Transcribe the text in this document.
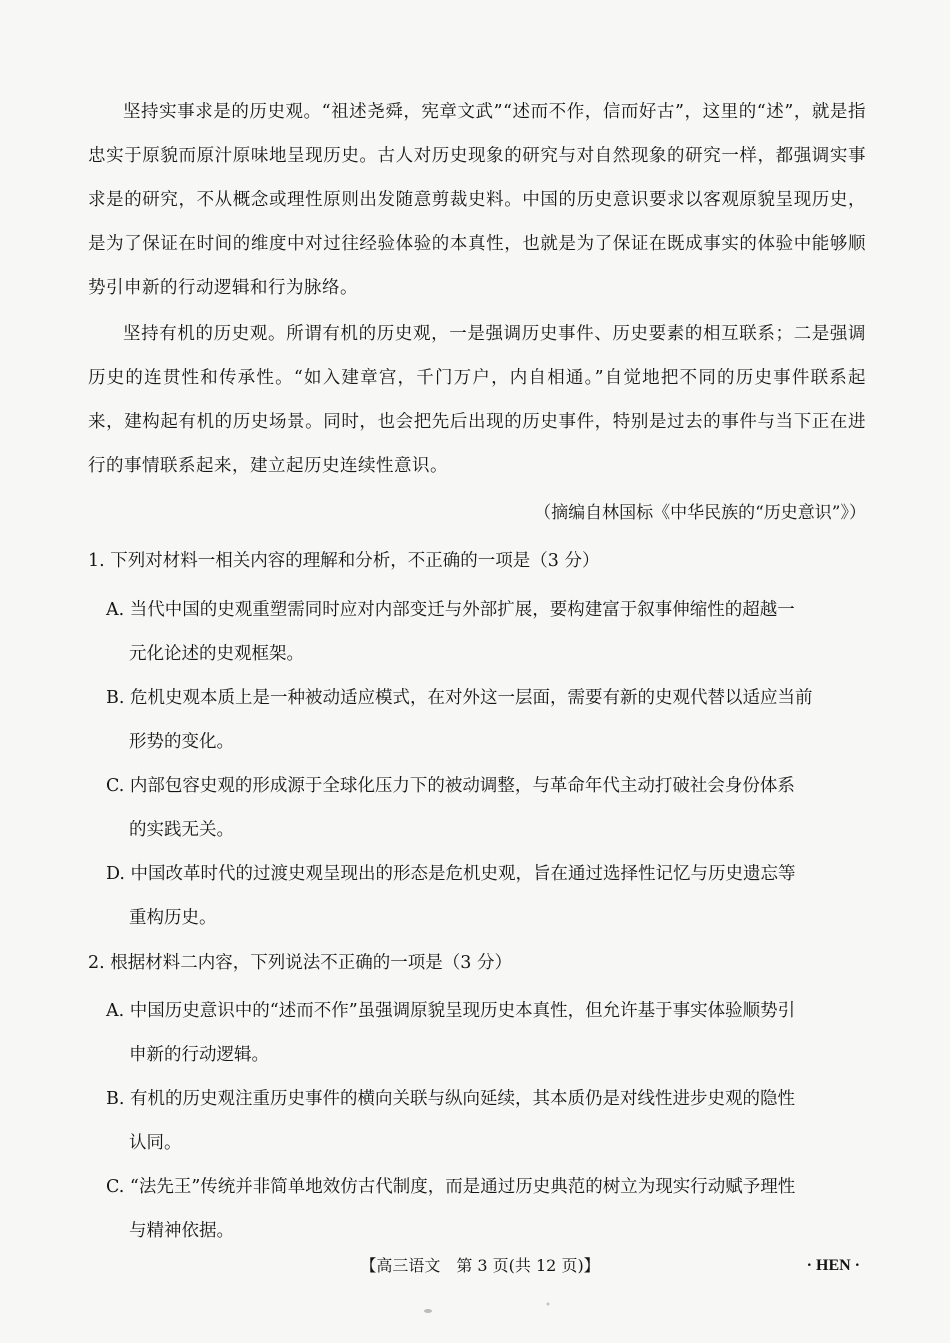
坚持实事求是的历史观。“祖述尧舜，宪章文武”“述而不作，信而好古”，这里的“述”，就是指忠实于原貌而原汁原味地呈现历史。古人对历史现象的研究与对自然现象的研究一样，都强调实事求是的研究，不从概念或理性原则出发随意剪裁史料。中国的历史意识要求以客观原貌呈现历史，是为了保证在时间的维度中对过往经验体验的本真性，也就是为了保证在既成事实的体验中能够顺势引申新的行动逻辑和行为脉络。

坚持有机的历史观。所谓有机的历史观，一是强调历史事件、历史要素的相互联系；二是强调历史的连贯性和传承性。“如入建章宫，千门万户，内自相通。”自觉地把不同的历史事件联系起来，建构起有机的历史场景。同时，也会把先后出现的历史事件，特别是过去的事件与当下正在进行的事情联系起来，建立起历史连续性意识。

（摘编自林国标《中华民族的“历史意识”》）
1. 下列对材料一相关内容的理解和分析，不正确的一项是（3 分）
A. 当代中国的史观重塑需同时应对内部变迁与外部扩展，要构建富于叙事伸缩性的超越一
元化论述的史观框架。
B. 危机史观本质上是一种被动适应模式，在对外这一层面，需要有新的史观代替以适应当前
形势的变化。
C. 内部包容史观的形成源于全球化压力下的被动调整，与革命年代主动打破社会身份体系
的实践无关。
D. 中国改革时代的过渡史观呈现出的形态是危机史观，旨在通过选择性记忆与历史遗忘等
重构历史。
2. 根据材料二内容，下列说法不正确的一项是（3 分）
A. 中国历史意识中的“述而不作”虽强调原貌呈现历史本真性，但允许基于事实体验顺势引
申新的行动逻辑。
B. 有机的历史观注重历史事件的横向关联与纵向延续，其本质仍是对线性进步史观的隐性
认同。
C. “法先王”传统并非简单地效仿古代制度，而是通过历史典范的树立为现实行动赋予理性
与精神依据。
【高三语文　第 3 页(共 12 页)】	· HEN ·
